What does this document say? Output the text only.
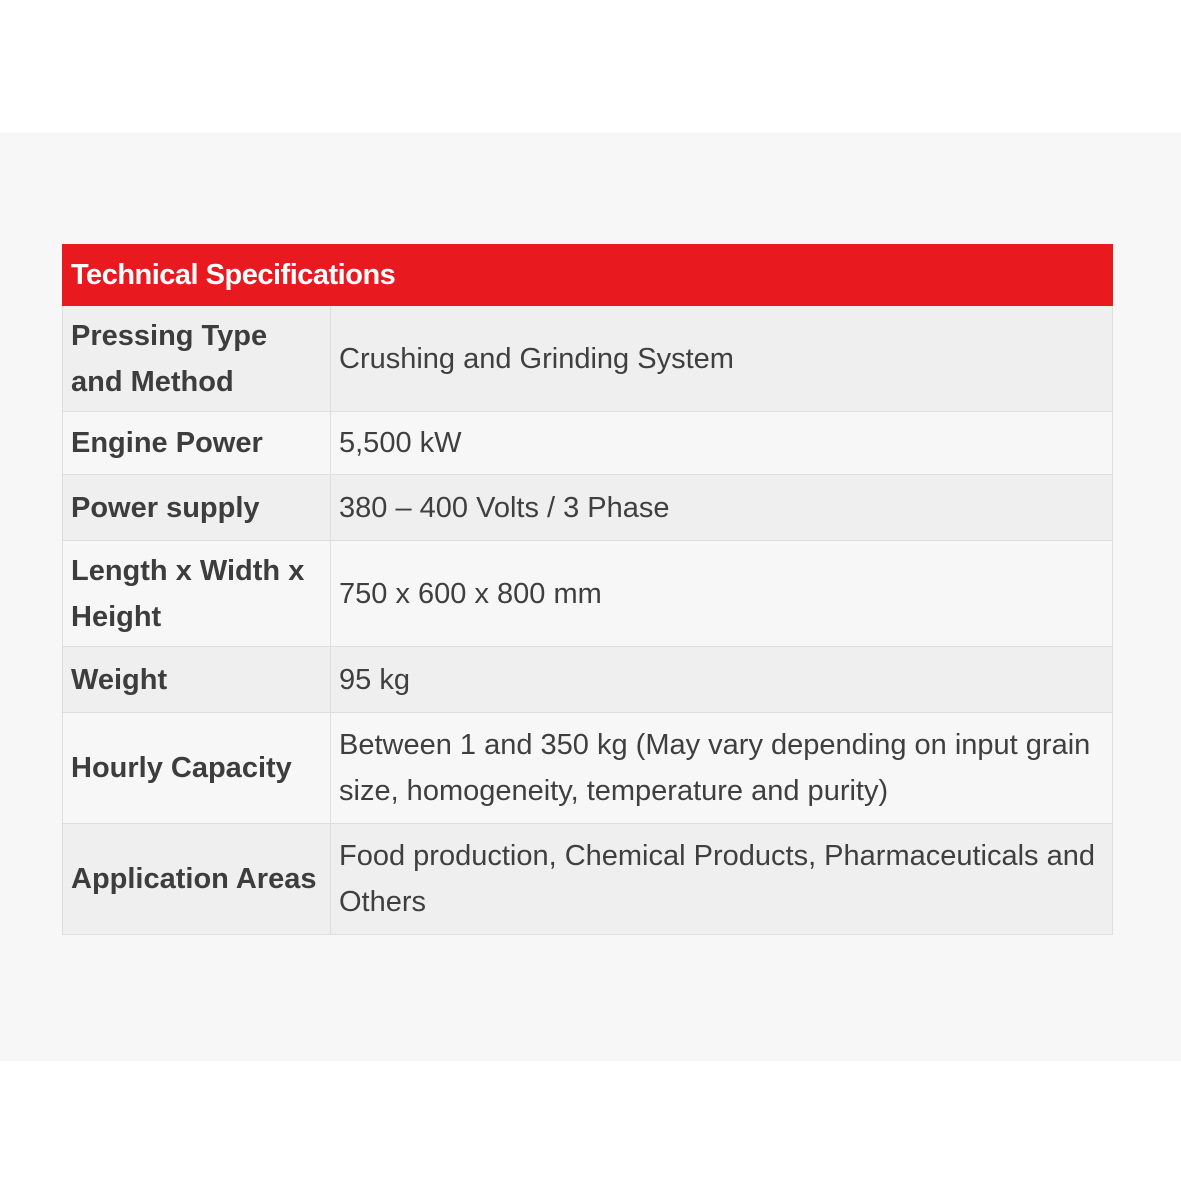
Technical Specifications	
Pressing Type and Method	Crushing and Grinding System
Engine Power	5,500 kW
Power supply	380 – 400 Volts / 3 Phase
Length x Width x Height	750 x 600 x 800 mm
Weight	95 kg
Hourly Capacity	Between 1 and 350 kg (May vary depending on input grain size, homogeneity, temperature and purity)
Application Areas	Food production, Chemical Products, Pharmaceuticals and Others
